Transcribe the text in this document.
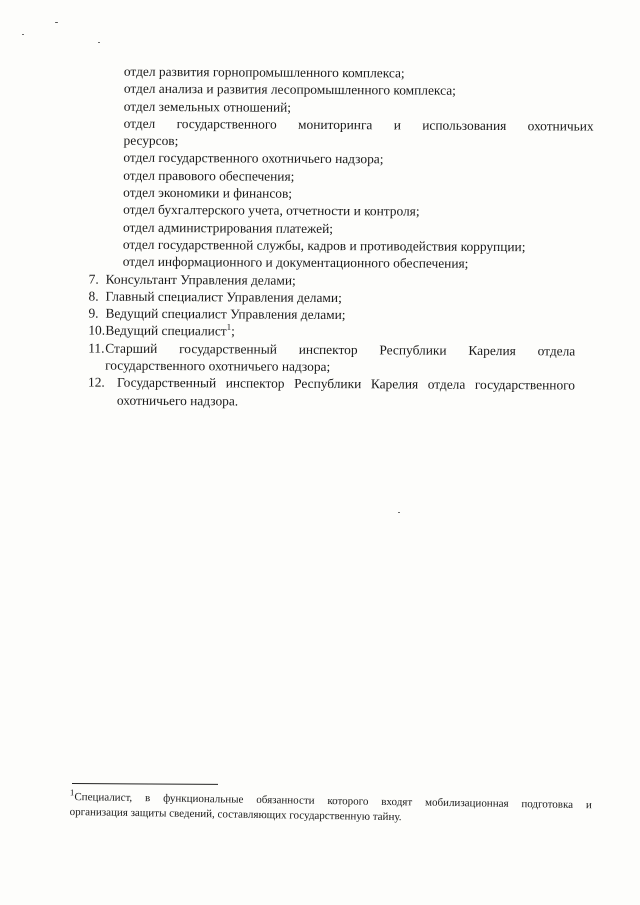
отдел развития горнопромышленного комплекса;
отдел анализа и развития лесопромышленного комплекса;
отдел земельных отношений;
отдел государственного мониторинга и использования охотничьих
ресурсов;
отдел государственного охотничьего надзора;
отдел правового обеспечения;
отдел экономики и финансов;
отдел бухгалтерского учета, отчетности и контроля;
отдел администрирования платежей;
отдел государственной службы, кадров и противодействия коррупции;
отдел информационного и документационного обеспечения;
7. Консультант Управления делами;
8. Главный специалист Управления делами;
9. Ведущий специалист Управления делами;
10. Ведущий специалист$^1$;
11. Старший государственный инспектор Республики Карелия отдела
государственного охотничьего надзора;
12. Государственный инспектор Республики Карелия отдела государственного
охотничьего надзора.
$^1$Специалист, в функциональные обязанности которого входят мобилизационная подготовка и
организация защиты сведений, составляющих государственную тайну.
